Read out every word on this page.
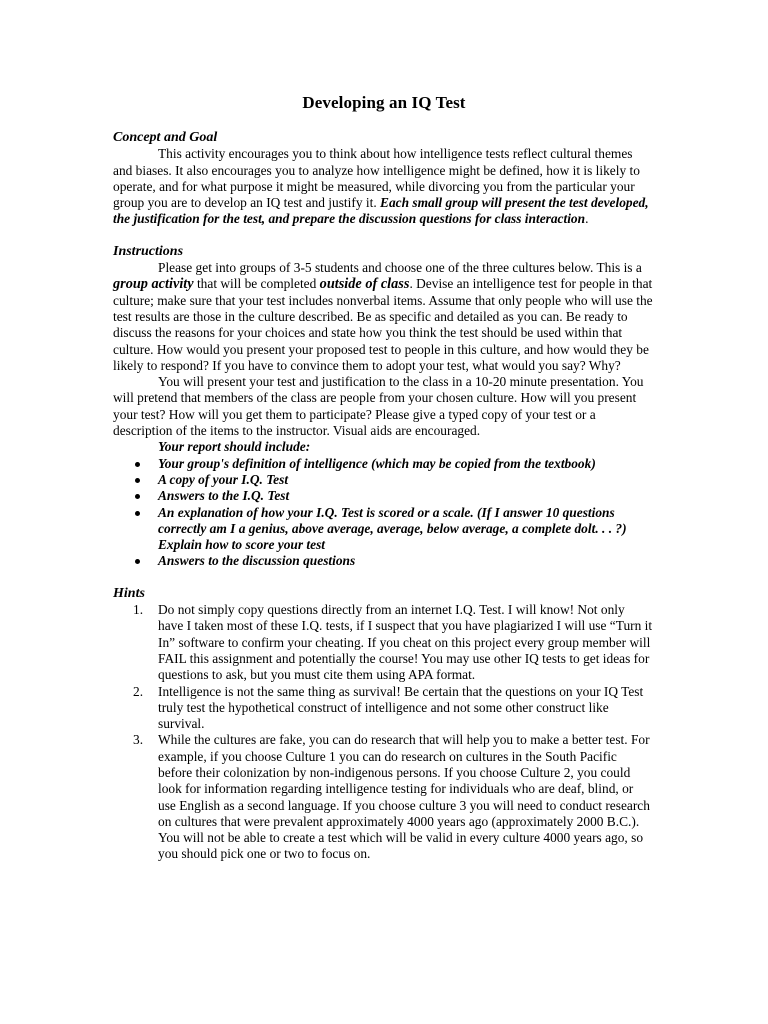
Developing an IQ Test

Concept and Goal

This activity encourages you to think about how intelligence tests reflect cultural themes and biases. It also encourages you to analyze how intelligence might be defined, how it is likely to operate, and for what purpose it might be measured, while divorcing you from the particular your group you are to develop an IQ test and justify it. Each small group will present the test developed, the justification for the test, and prepare the discussion questions for class interaction.

Instructions

Please get into groups of 3-5 students and choose one of the three cultures below. This is a group activity that will be completed outside of class. Devise an intelligence test for people in that culture; make sure that your test includes nonverbal items. Assume that only people who will use the test results are those in the culture described. Be as specific and detailed as you can. Be ready to discuss the reasons for your choices and state how you think the test should be used within that culture. How would you present your proposed test to people in this culture, and how would they be likely to respond? If you have to convince them to adopt your test, what would you say? Why?

You will present your test and justification to the class in a 10-20 minute presentation. You will pretend that members of the class are people from your chosen culture. How will you present your test? How will you get them to participate? Please give a typed copy of your test or a description of the items to the instructor. Visual aids are encouraged.

Your report should include:

Your group's definition of intelligence (which may be copied from the textbook)
A copy of your I.Q. Test
Answers to the I.Q. Test
An explanation of how your I.Q. Test is scored or a scale. (If I answer 10 questions correctly am I a genius, above average, average, below average, a complete dolt. . . ?) Explain how to score your test
Answers to the discussion questions

Hints

1. Do not simply copy questions directly from an internet I.Q. Test. I will know! Not only have I taken most of these I.Q. tests, if I suspect that you have plagiarized I will use “Turn it In” software to confirm your cheating. If you cheat on this project every group member will FAIL this assignment and potentially the course! You may use other IQ tests to get ideas for questions to ask, but you must cite them using APA format.
2. Intelligence is not the same thing as survival! Be certain that the questions on your IQ Test truly test the hypothetical construct of intelligence and not some other construct like survival.
3. While the cultures are fake, you can do research that will help you to make a better test. For example, if you choose Culture 1 you can do research on cultures in the South Pacific before their colonization by non-indigenous persons. If you choose Culture 2, you could look for information regarding intelligence testing for individuals who are deaf, blind, or use English as a second language. If you choose culture 3 you will need to conduct research on cultures that were prevalent approximately 4000 years ago (approximately 2000 B.C.). You will not be able to create a test which will be valid in every culture 4000 years ago, so you should pick one or two to focus on.
